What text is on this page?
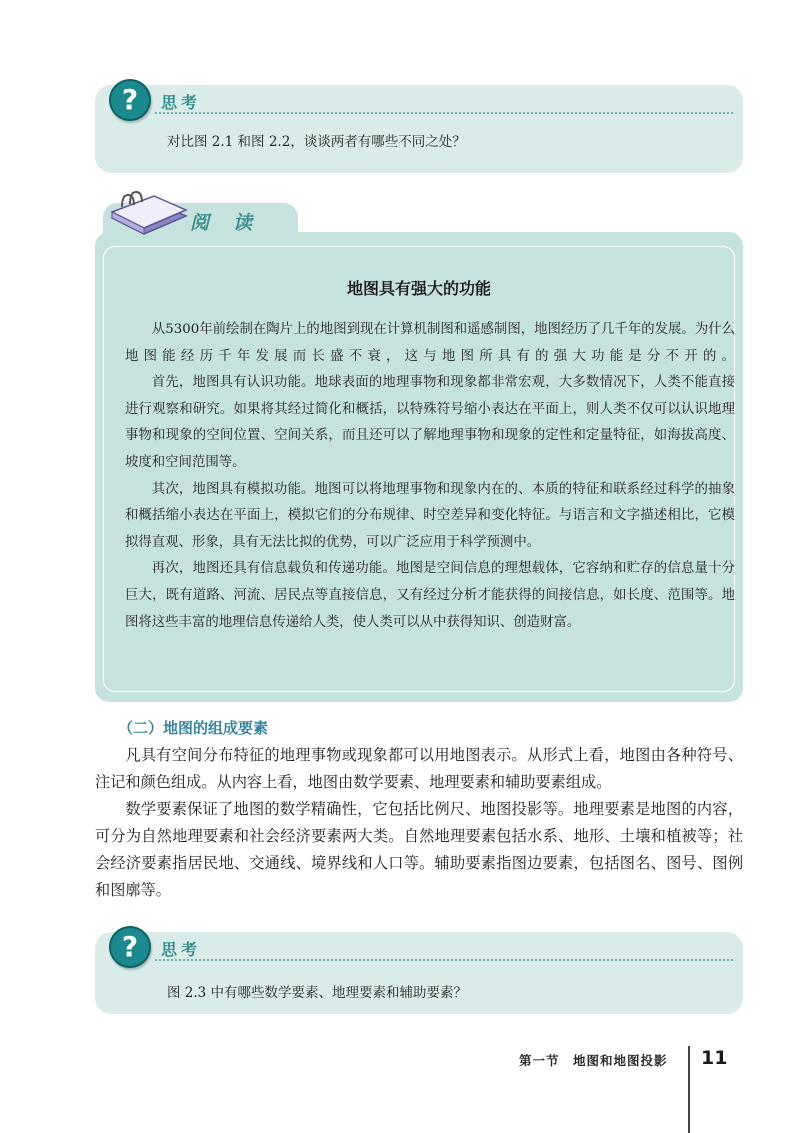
?	思考
对比图 2.1 和图 2.2，谈谈两者有哪些不同之处？
地图具有强大的功能

从5300年前绘制在陶片上的地图到现在计算机制图和遥感制图，地图经历了几千年的发展。为什么地图能经历千年发展而长盛不衰，这与地图所具有的强大功能是分不开的。

首先，地图具有认识功能。地球表面的地理事物和现象都非常宏观，大多数情况下，人类不能直接进行观察和研究。如果将其经过简化和概括，以特殊符号缩小表达在平面上，则人类不仅可以认识地理事物和现象的空间位置、空间关系，而且还可以了解地理事物和现象的定性和定量特征，如海拔高度、坡度和空间范围等。

其次，地图具有模拟功能。地图可以将地理事物和现象内在的、本质的特征和联系经过科学的抽象和概括缩小表达在平面上，模拟它们的分布规律、时空差异和变化特征。与语言和文字描述相比，它模拟得直观、形象，具有无法比拟的优势，可以广泛应用于科学预测中。

再次，地图还具有信息载负和传递功能。地图是空间信息的理想载体，它容纳和贮存的信息量十分巨大，既有道路、河流、居民点等直接信息，又有经过分析才能获得的间接信息，如长度、范围等。地图将这些丰富的地理信息传递给人类，使人类可以从中获得知识、创造财富。

阅读
（二）地图的组成要素

凡具有空间分布特征的地理事物或现象都可以用地图表示。从形式上看，地图由各种符号、注记和颜色组成。从内容上看，地图由数学要素、地理要素和辅助要素组成。

数学要素保证了地图的数学精确性，它包括比例尺、地图投影等。地理要素是地图的内容，可分为自然地理要素和社会经济要素两大类。自然地理要素包括水系、地形、土壤和植被等；社会经济要素指居民地、交通线、境界线和人口等。辅助要素指图边要素，包括图名、图号、图例和图廓等。

?	思考
图 2.3 中有哪些数学要素、地理要素和辅助要素？
第一节　地图和地图投影 11
